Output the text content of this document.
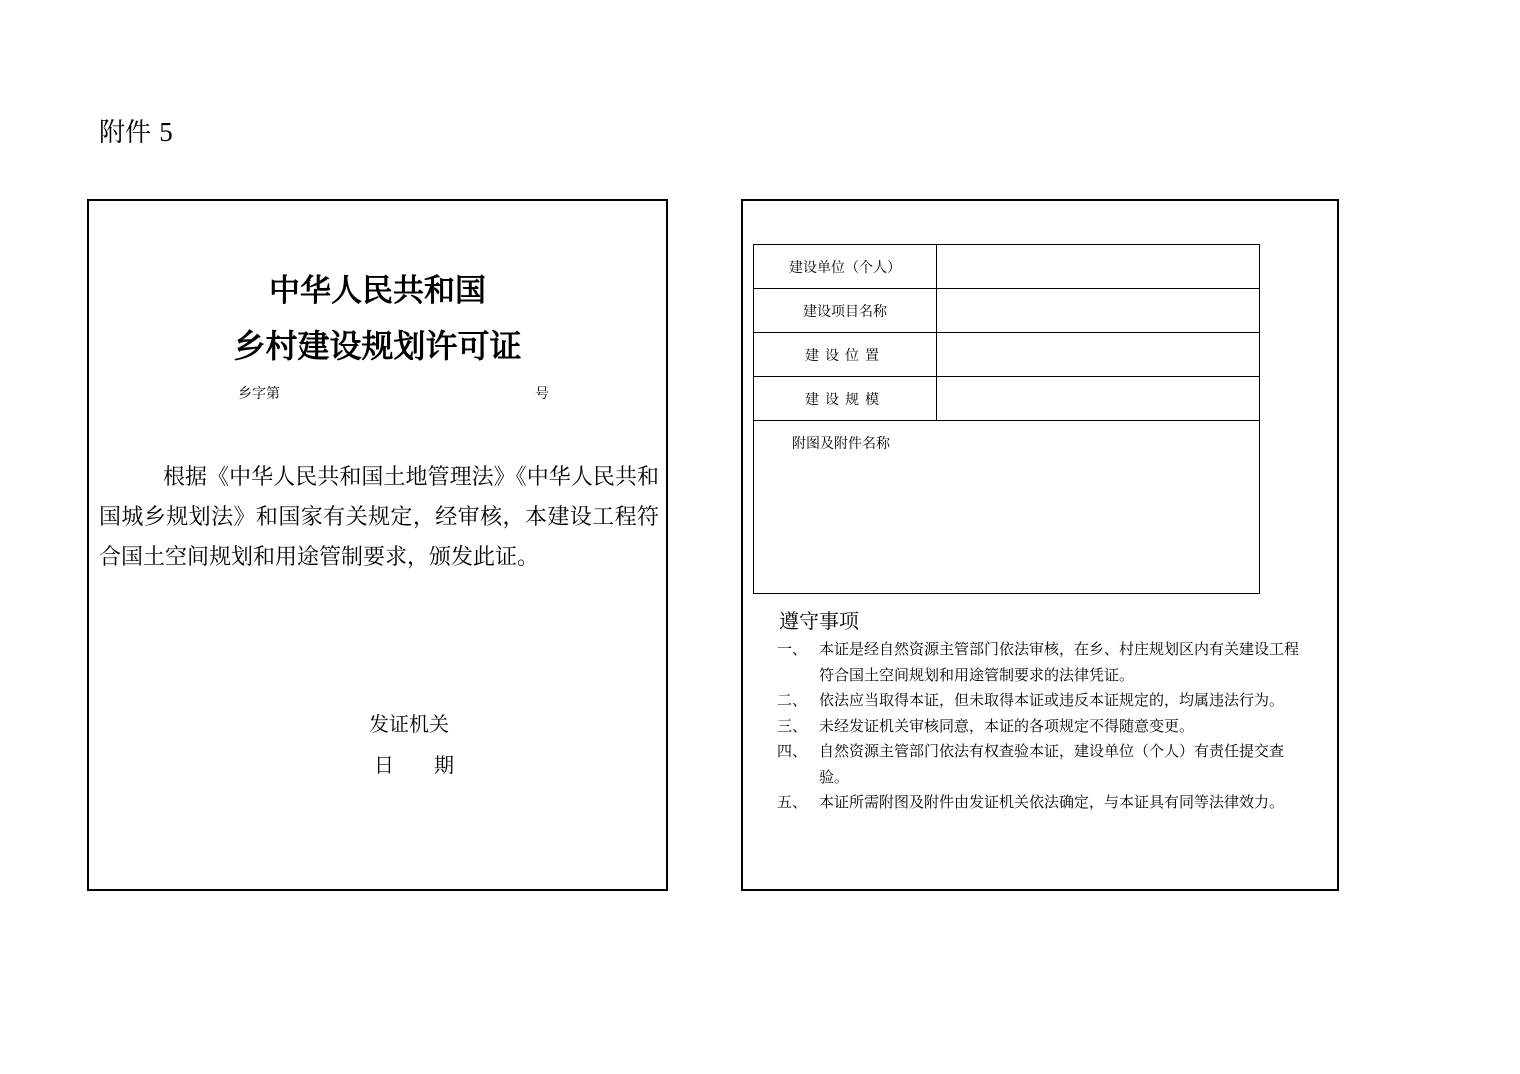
附件 5
中华人民共和国
乡村建设规划许可证
乡字第	号
根据《中华人民共和国土地管理法》《中华人民共和国城乡规划法》和国家有关规定，经审核，本建设工程符合国土空间规划和用途管制要求，颁发此证。
发证机关
日 期
建设单位（个人）	
建设项目名称	
建设位置	
建设规模	
附图及附件名称	
遵守事项
一、 本证是经自然资源主管部门依法审核，在乡、村庄规划区内有关建设工程符合国土空间规划和用途管制要求的法律凭证。
二、 依法应当取得本证，但未取得本证或违反本证规定的，均属违法行为。
三、 未经发证机关审核同意，本证的各项规定不得随意变更。
四、 自然资源主管部门依法有权查验本证，建设单位（个人）有责任提交查验。
五、 本证所需附图及附件由发证机关依法确定，与本证具有同等法律效力。
